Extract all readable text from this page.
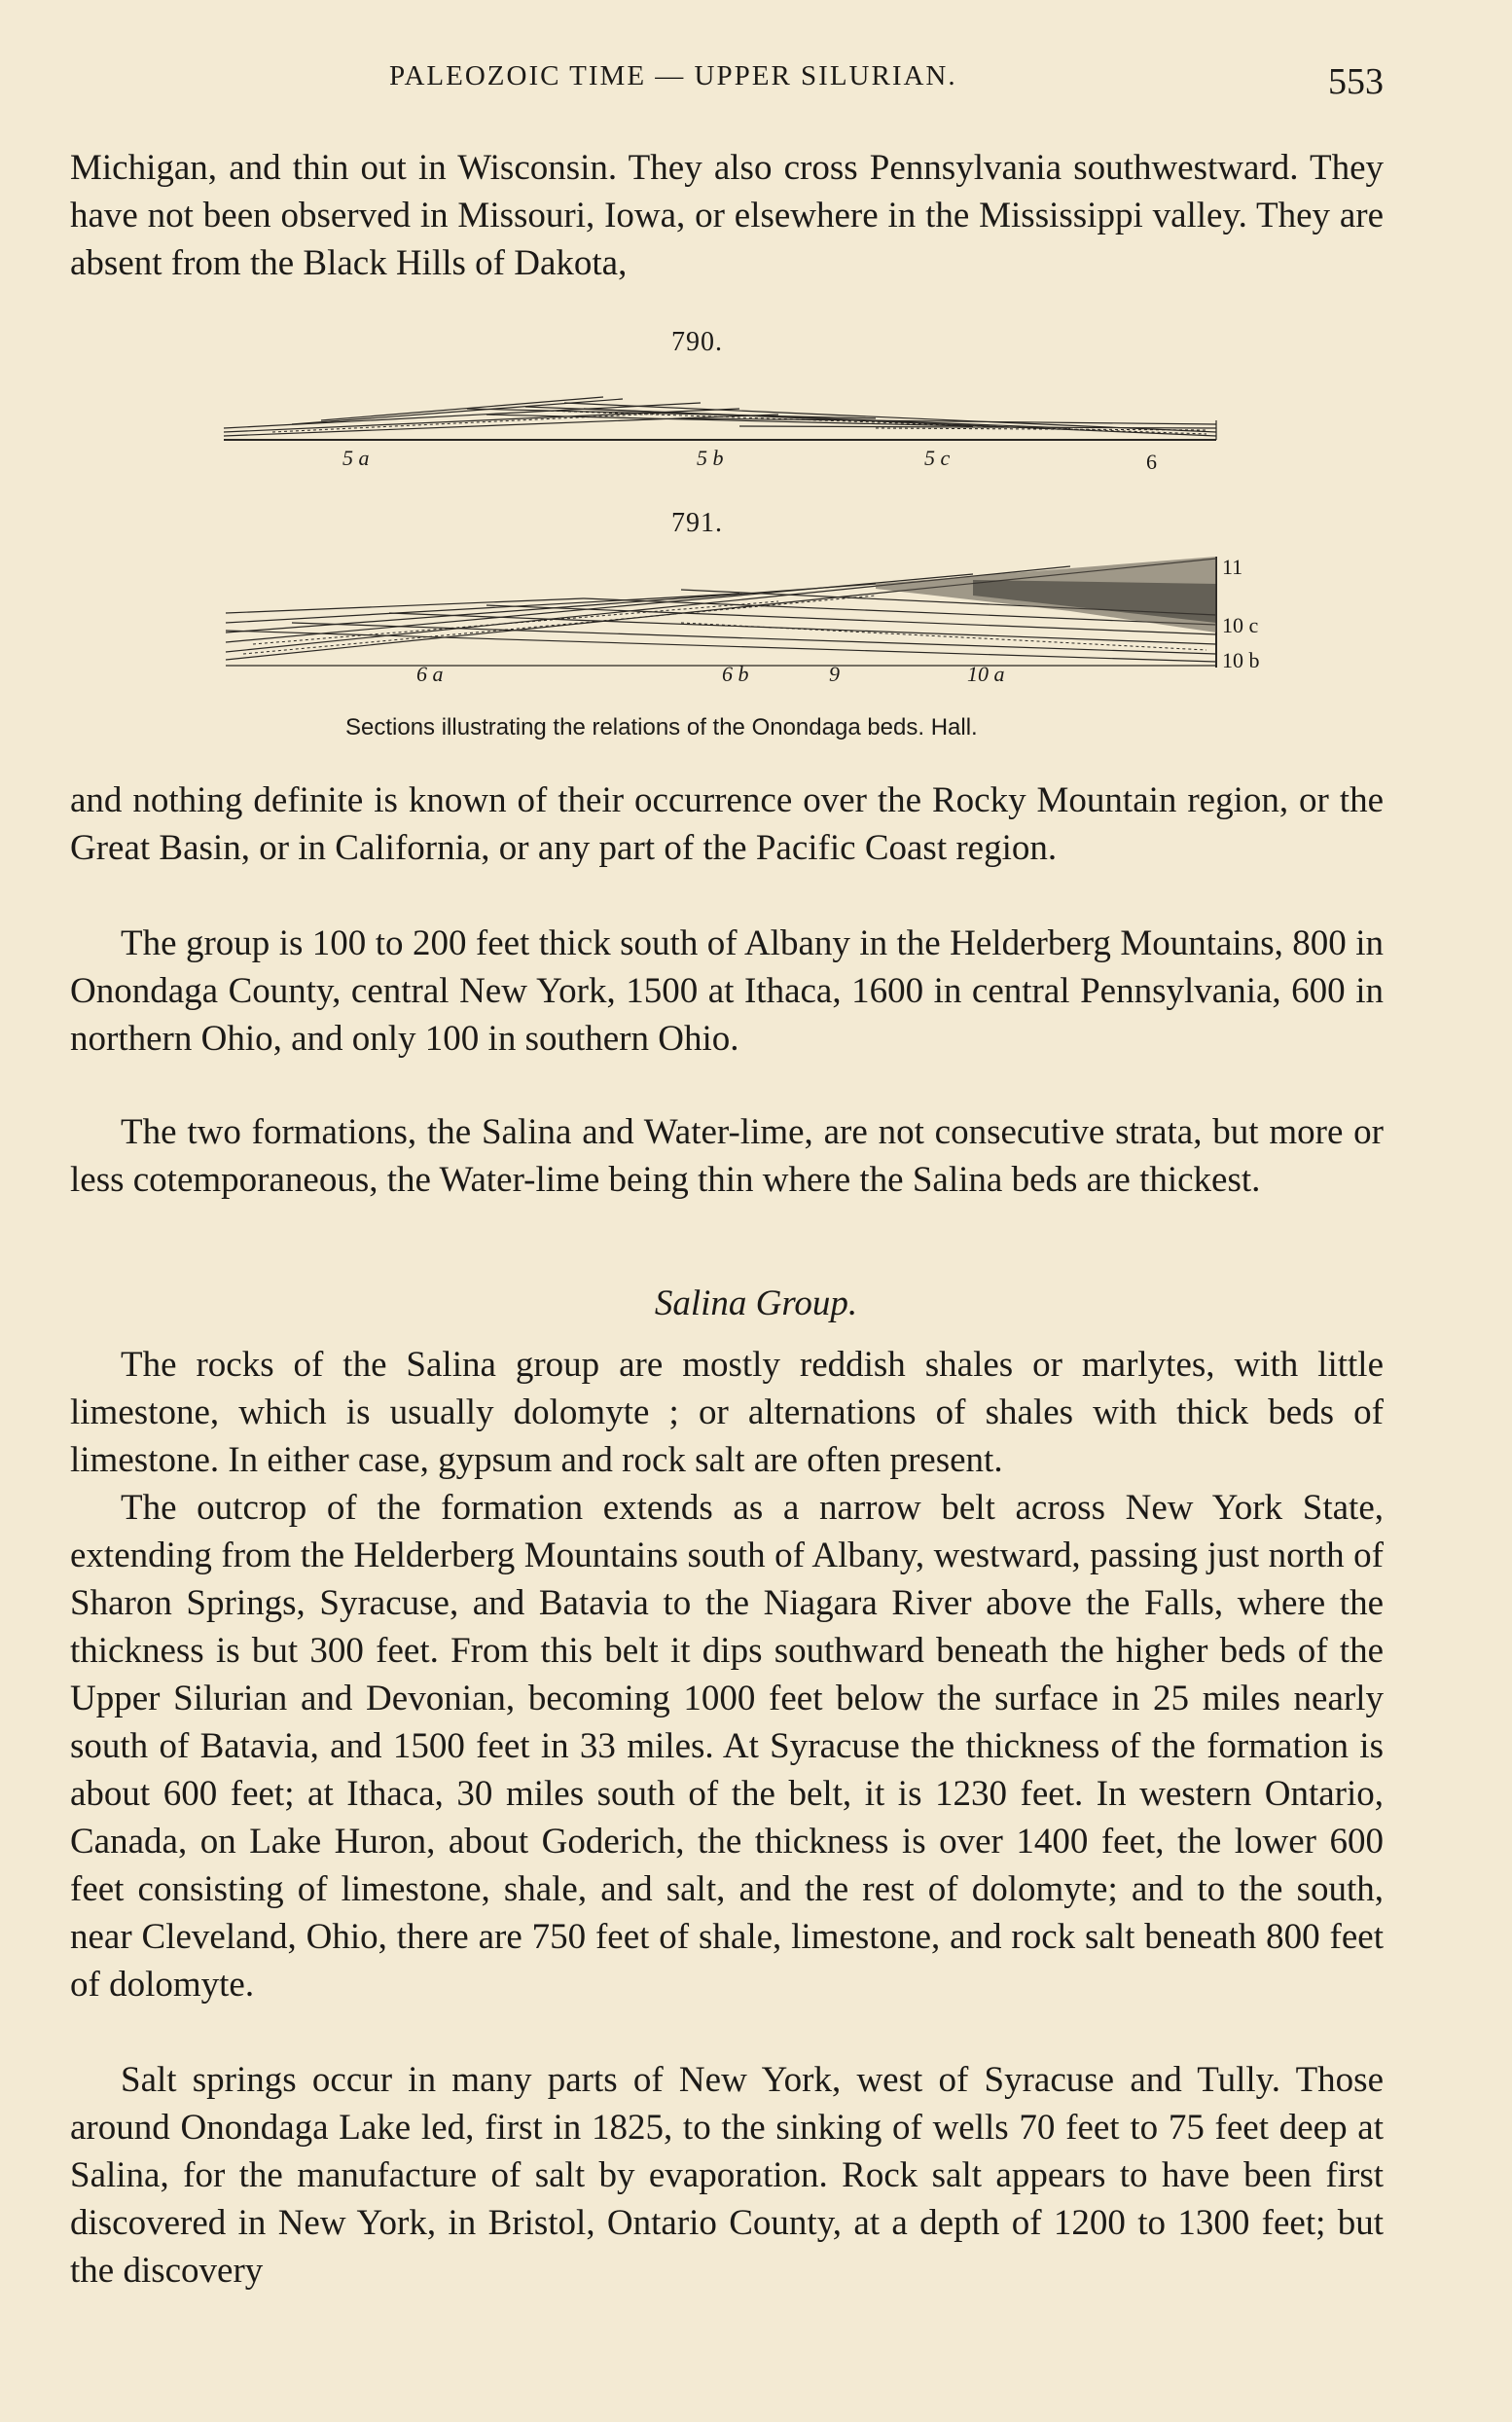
PALEOZOIC TIME — UPPER SILURIAN.	553

Michigan, and thin out in Wisconsin. They also cross Pennsylvania southwestward. They have not been observed in Missouri, Iowa, or elsewhere in the Mississippi valley. They are absent from the Black Hills of Dakota,

790.
5 a	5 b	5 c	6
791.
6 a	6 b	9	10 a
11
10 c
10 b
Sections illustrating the relations of the Onondaga beds. Hall.

and nothing definite is known of their occurrence over the Rocky Mountain region, or the Great Basin, or in California, or any part of the Pacific Coast region.

The group is 100 to 200 feet thick south of Albany in the Helderberg Mountains, 800 in Onondaga County, central New York, 1500 at Ithaca, 1600 in central Pennsylvania, 600 in northern Ohio, and only 100 in southern Ohio.

The two formations, the Salina and Water-lime, are not consecutive strata, but more or less cotemporaneous, the Water-lime being thin where the Salina beds are thickest.

Salina Group.

The rocks of the Salina group are mostly reddish shales or marlytes, with little limestone, which is usually dolomyte ; or alternations of shales with thick beds of limestone. In either case, gypsum and rock salt are often present.

The outcrop of the formation extends as a narrow belt across New York State, extending from the Helderberg Mountains south of Albany, westward, passing just north of Sharon Springs, Syracuse, and Batavia to the Niagara River above the Falls, where the thickness is but 300 feet. From this belt it dips southward beneath the higher beds of the Upper Silurian and Devonian, becoming 1000 feet below the surface in 25 miles nearly south of Batavia, and 1500 feet in 33 miles. At Syracuse the thickness of the formation is about 600 feet; at Ithaca, 30 miles south of the belt, it is 1230 feet. In western Ontario, Canada, on Lake Huron, about Goderich, the thickness is over 1400 feet, the lower 600 feet consisting of limestone, shale, and salt, and the rest of dolomyte; and to the south, near Cleveland, Ohio, there are 750 feet of shale, limestone, and rock salt beneath 800 feet of dolomyte.

Salt springs occur in many parts of New York, west of Syracuse and Tully. Those around Onondaga Lake led, first in 1825, to the sinking of wells 70 feet to 75 feet deep at Salina, for the manufacture of salt by evaporation. Rock salt appears to have been first discovered in New York, in Bristol, Ontario County, at a depth of 1200 to 1300 feet; but the discovery
